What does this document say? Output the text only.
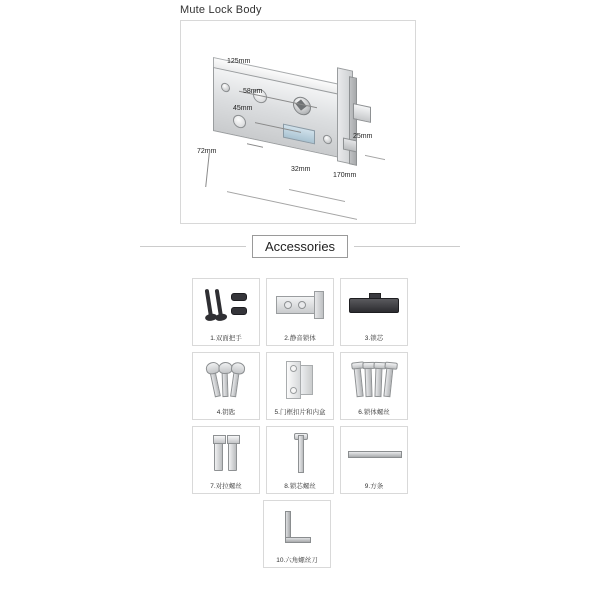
Mute Lock Body
125mm
58mm
45mm
72mm
32mm
170mm
25mm
Accessories
1.双面把手	2.静音锁体	3.锁芯
4.钥匙	5.门框扣片和内盒	6.锁体螺丝
7.对拉螺丝	8.锁芯螺丝	9.方条
10.六角螺丝刀
